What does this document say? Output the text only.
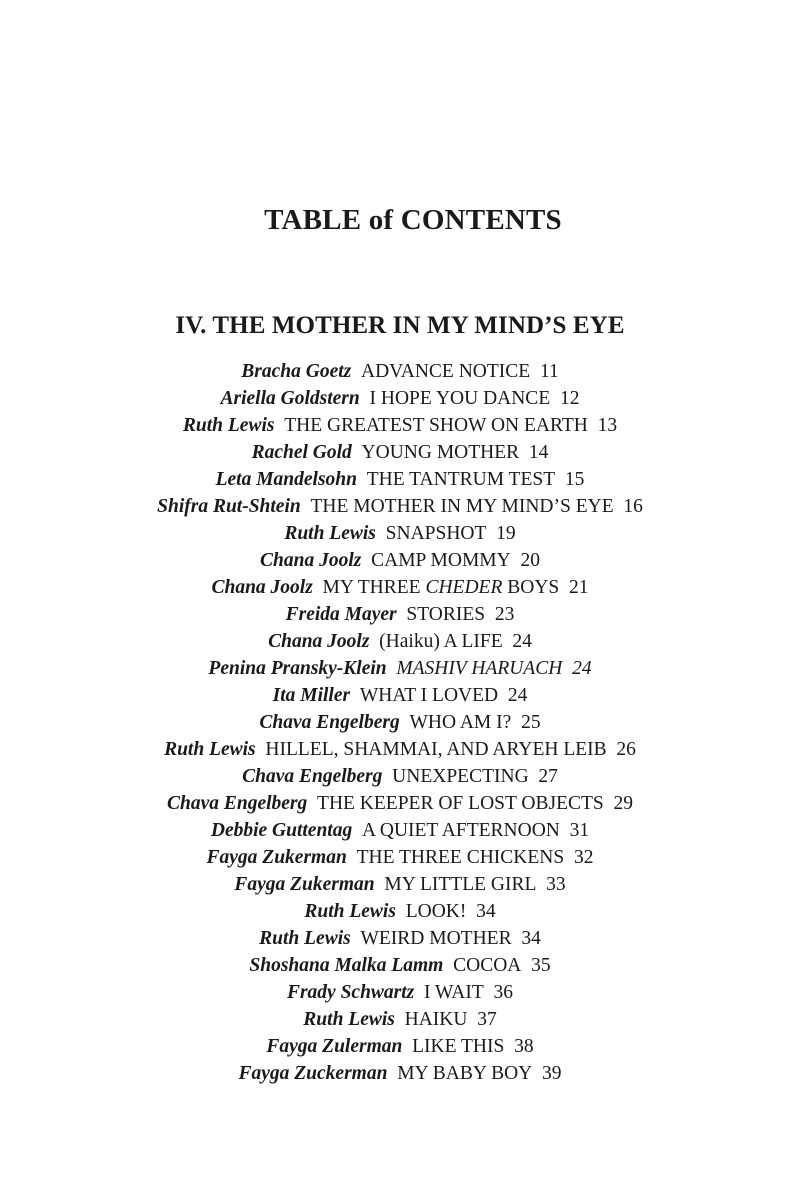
TABLE of CONTENTS
IV. THE MOTHER IN MY MIND’S EYE
Bracha Goetz  ADVANCE NOTICE  11
Ariella Goldstern  I HOPE YOU DANCE  12
Ruth Lewis  THE GREATEST SHOW ON EARTH  13
Rachel Gold  YOUNG MOTHER  14
Leta Mandelsohn  THE TANTRUM TEST  15
Shifra Rut-Shtein  THE MOTHER IN MY MIND’S EYE  16
Ruth Lewis  SNAPSHOT  19
Chana Joolz  CAMP MOMMY  20
Chana Joolz  MY THREE CHEDER BOYS  21
Freida Mayer  STORIES  23
Chana Joolz  (Haiku) A LIFE  24
Penina Pransky-Klein  MASHIV HARUACH  24
Ita Miller  WHAT I LOVED  24
Chava Engelberg  WHO AM I?  25
Ruth Lewis  HILLEL, SHAMMAI, AND ARYEH LEIB  26
Chava Engelberg  UNEXPECTING  27
Chava Engelberg  THE KEEPER OF LOST OBJECTS  29
Debbie Guttentag  A QUIET AFTERNOON  31
Fayga Zukerman  THE THREE CHICKENS  32
Fayga Zukerman  MY LITTLE GIRL  33
Ruth Lewis  LOOK!  34
Ruth Lewis  WEIRD MOTHER  34
Shoshana Malka Lamm  COCOA  35
Frady Schwartz  I WAIT  36
Ruth Lewis  HAIKU  37
Fayga Zulerman  LIKE THIS  38
Fayga Zuckerman  MY BABY BOY  39
